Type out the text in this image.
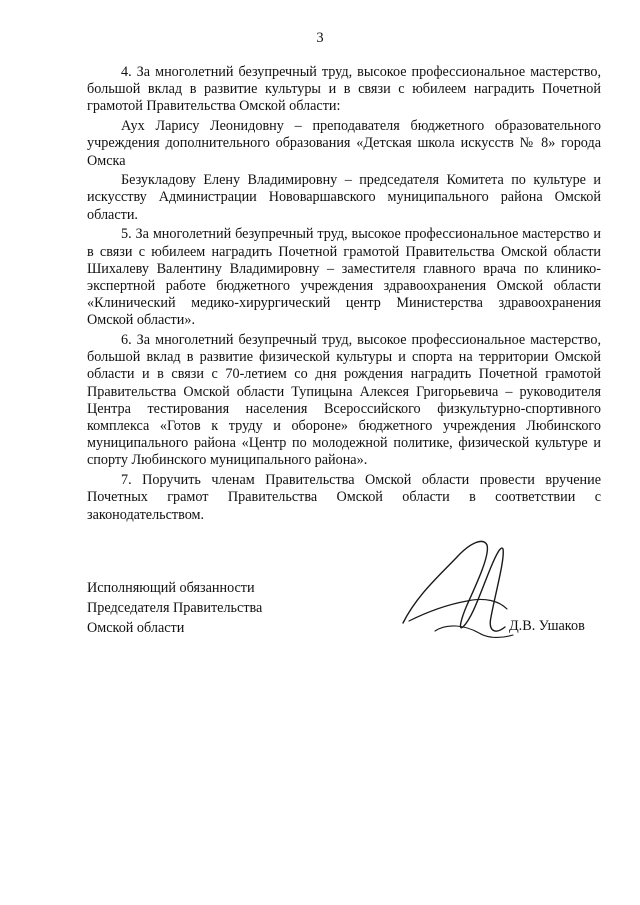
3

4. За многолетний безупречный труд, высокое профессиональное мастерство, большой вклад в развитие культуры и в связи с юбилеем наградить Почетной грамотой Правительства Омской области:

Аух Ларису Леонидовну – преподавателя бюджетного образовательного учреждения дополнительного образования «Детская школа искусств № 8» города Омска

Безукладову Елену Владимировну – председателя Комитета по культуре и искусству Администрации Нововаршавского муниципального района Омской области.

5. За многолетний безупречный труд, высокое профессиональное мастерство и в связи с юбилеем наградить Почетной грамотой Правительства Омской области Шихалеву Валентину Владимировну – заместителя главного врача по клинико-экспертной работе бюджетного учреждения здравоохранения Омской области «Клинический медико-хирургический центр Министерства здравоохранения Омской области».

6. За многолетний безупречный труд, высокое профессиональное мастерство, большой вклад в развитие физической культуры и спорта на территории Омской области и в связи с 70-летием со дня рождения наградить Почетной грамотой Правительства Омской области Тупицына Алексея Григорьевича – руководителя Центра тестирования населения Всероссийского физкультурно-спортивного комплекса «Готов к труду и обороне» бюджетного учреждения Любинского муниципального района «Центр по молодежной политике, физической культуре и спорту Любинского муниципального района».

7. Поручить членам Правительства Омской области провести вручение Почетных грамот Правительства Омской области в соответствии с законодательством.

Исполняющий обязанности
Председателя Правительства
Омской области	Д.В. Ушаков
